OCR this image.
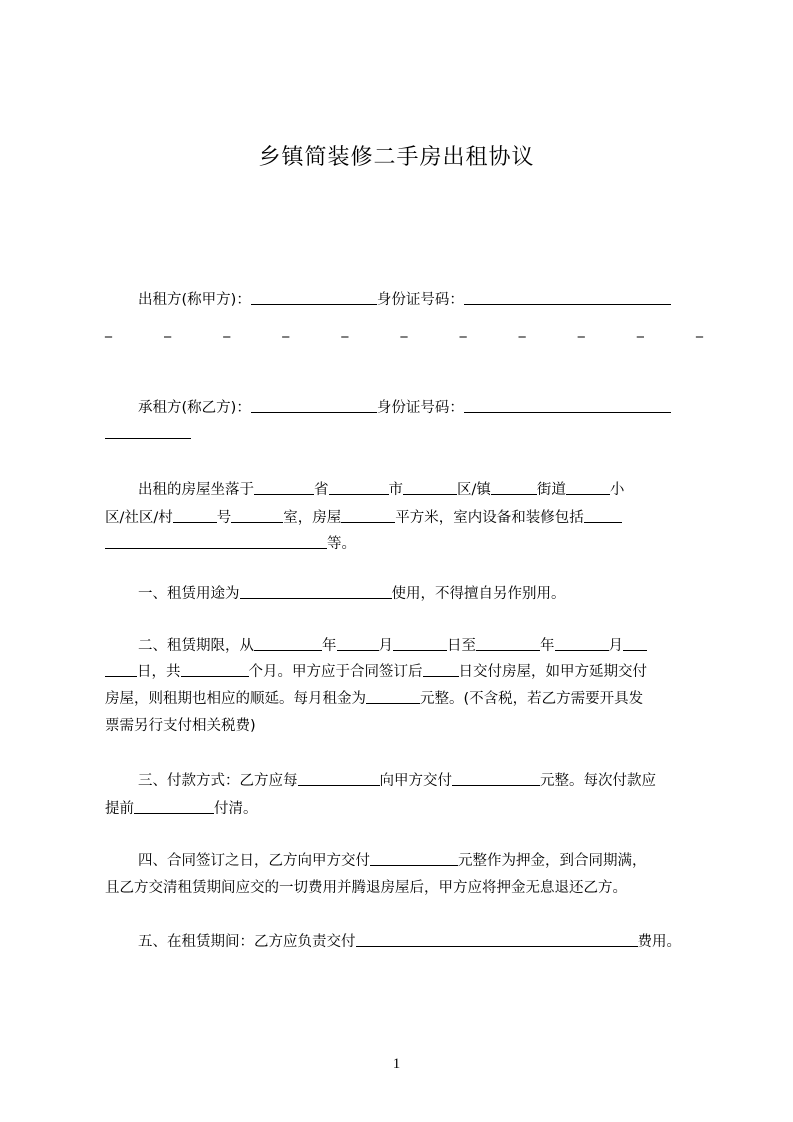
乡镇简装修二手房出租协议
出租方(称甲方)：	身份证号码：
_	_	_	_	_	_	_	_	_	_	_
承租方(称乙方)：	身份证号码：
出租的房屋坐落于	省	市	区/镇	街道	小
区/社区/村	号	室，房屋	平方米，室内设备和装修包括
等。
一、租赁用途为	使用，不得擅自另作别用。
二、租赁期限，从	年	月	日至	年	月
日，共	个月。甲方应于合同签订后 日交付房屋，如甲方延期交付
房屋，则租期也相应的顺延。每月租金为	元整。(不含税，若乙方需要开具发
票需另行支付相关税费)
三、付款方式：乙方应每	向甲方交付	元整。每次付款应
提前	付清。
四、合同签订之日，乙方向甲方交付	元整作为押金，到合同期满，
且乙方交清租赁期间应交的一切费用并腾退房屋后，甲方应将押金无息退还乙方。
五、在租赁期间：乙方应负责交付	费用。
1
